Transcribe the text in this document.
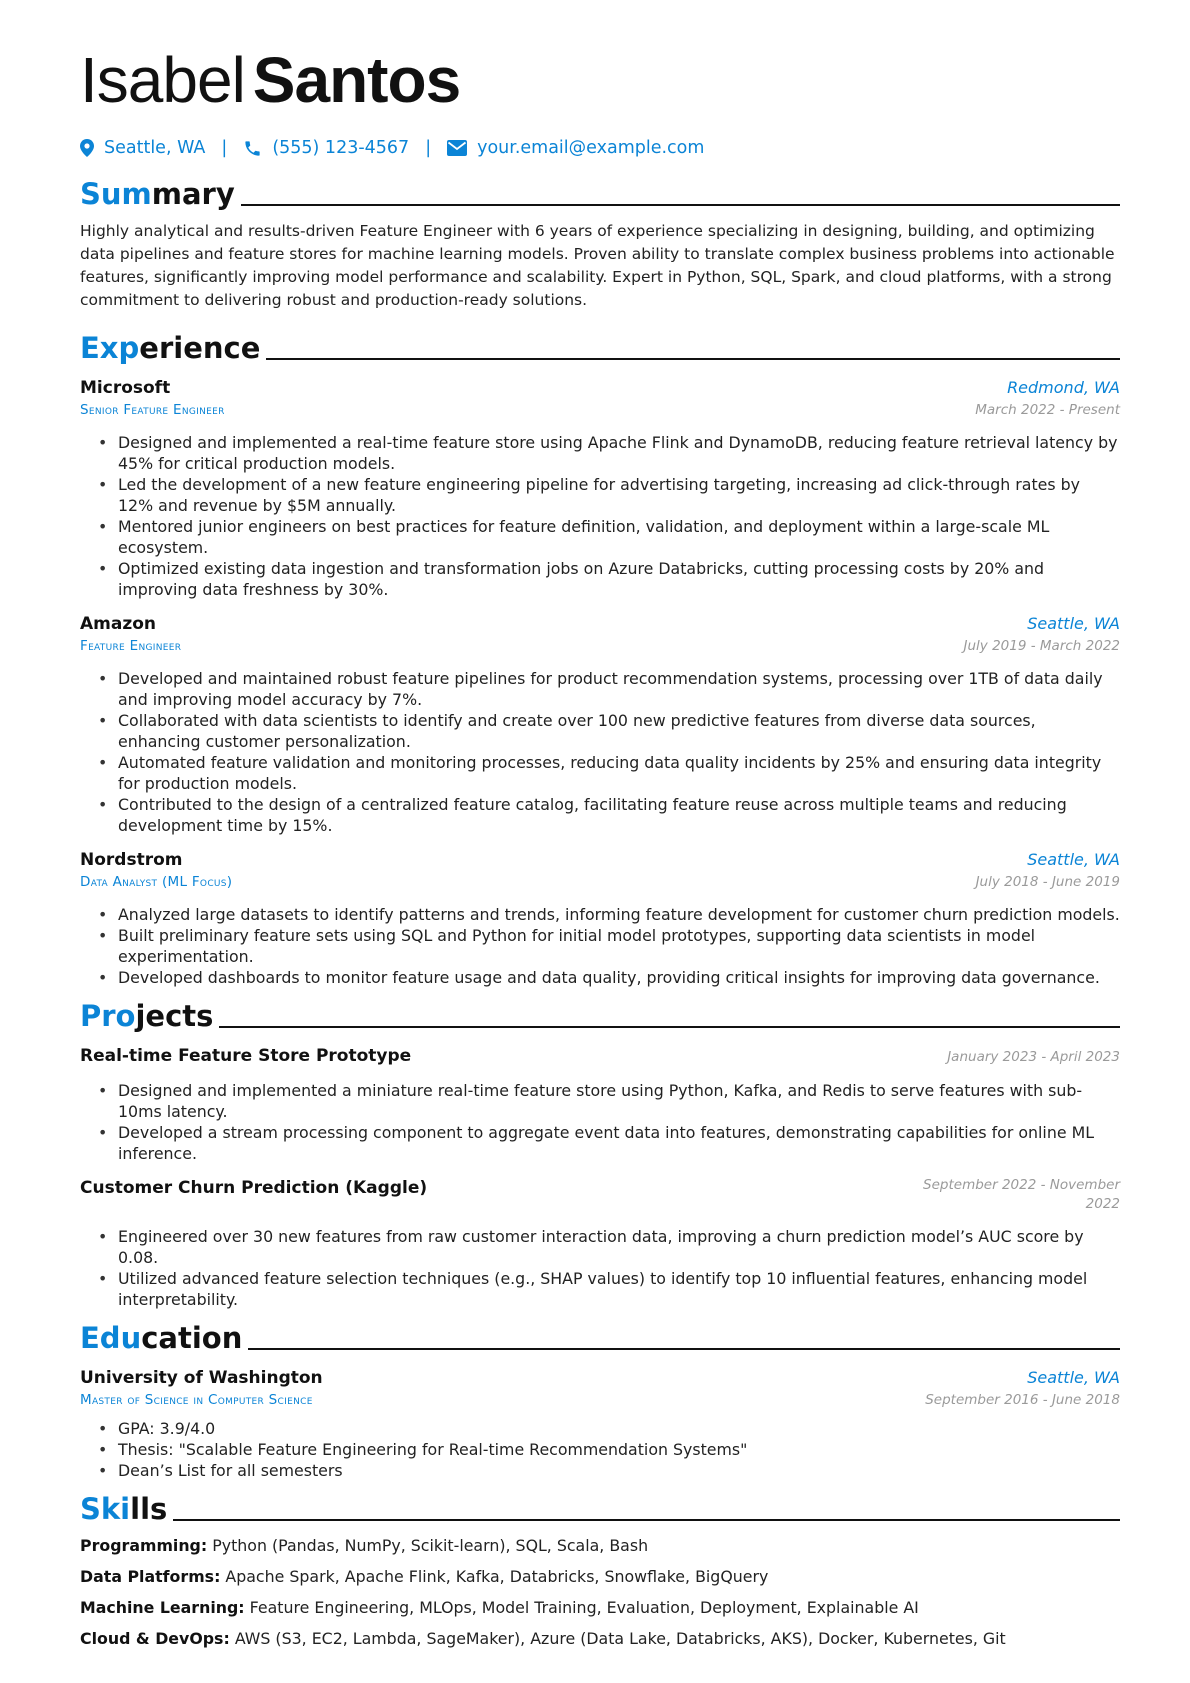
Isabel Santos
Seattle, WA |	(555) 123-4567 |	your.email@example.com
Summary

Highly analytical and results-driven Feature Engineer with 6 years of experience specializing in designing, building, and optimizing data pipelines and feature stores for machine learning models. Proven ability to translate complex business problems into actionable features, significantly improving model performance and scalability. Expert in Python, SQL, Spark, and cloud platforms, with a strong commitment to delivering robust and production-ready solutions.

Experience
Microsoft	Redmond, WA
Senior Feature Engineer	March 2022 - Present
• Designed and implemented a real-time feature store using Apache Flink and DynamoDB, reducing feature retrieval latency by 45% for critical production models.
• Led the development of a new feature engineering pipeline for advertising targeting, increasing ad click-through rates by 12% and revenue by $5M annually.
• Mentored junior engineers on best practices for feature definition, validation, and deployment within a large-scale ML ecosystem.
• Optimized existing data ingestion and transformation jobs on Azure Databricks, cutting processing costs by 20% and improving data freshness by 30%.
Amazon	Seattle, WA
Feature Engineer	July 2019 - March 2022
• Developed and maintained robust feature pipelines for product recommendation systems, processing over 1TB of data daily and improving model accuracy by 7%.
• Collaborated with data scientists to identify and create over 100 new predictive features from diverse data sources, enhancing customer personalization.
• Automated feature validation and monitoring processes, reducing data quality incidents by 25% and ensuring data integrity for production models.
• Contributed to the design of a centralized feature catalog, facilitating feature reuse across multiple teams and reducing development time by 15%.
Nordstrom	Seattle, WA
Data Analyst (ML Focus)	July 2018 - June 2019
• Analyzed large datasets to identify patterns and trends, informing feature development for customer churn prediction models.
• Built preliminary feature sets using SQL and Python for initial model prototypes, supporting data scientists in model experimentation.
• Developed dashboards to monitor feature usage and data quality, providing critical insights for improving data governance.
Projects
Real-time Feature Store Prototype	January 2023 - April 2023
• Designed and implemented a miniature real-time feature store using Python, Kafka, and Redis to serve features with sub-10ms latency.
• Developed a stream processing component to aggregate event data into features, demonstrating capabilities for online ML inference.
Customer Churn Prediction (Kaggle)	September 2022 - November 2022
• Engineered over 30 new features from raw customer interaction data, improving a churn prediction model’s AUC score by 0.08.
• Utilized advanced feature selection techniques (e.g., SHAP values) to identify top 10 influential features, enhancing model interpretability.
Education
University of Washington	Seattle, WA
Master of Science in Computer Science	September 2016 - June 2018
• GPA: 3.9/4.0
• Thesis: "Scalable Feature Engineering for Real-time Recommendation Systems"
• Dean’s List for all semesters
Skills
Programming: Python (Pandas, NumPy, Scikit-learn), SQL, Scala, Bash
Data Platforms: Apache Spark, Apache Flink, Kafka, Databricks, Snowflake, BigQuery
Machine Learning: Feature Engineering, MLOps, Model Training, Evaluation, Deployment, Explainable AI
Cloud & DevOps: AWS (S3, EC2, Lambda, SageMaker), Azure (Data Lake, Databricks, AKS), Docker, Kubernetes, Git
